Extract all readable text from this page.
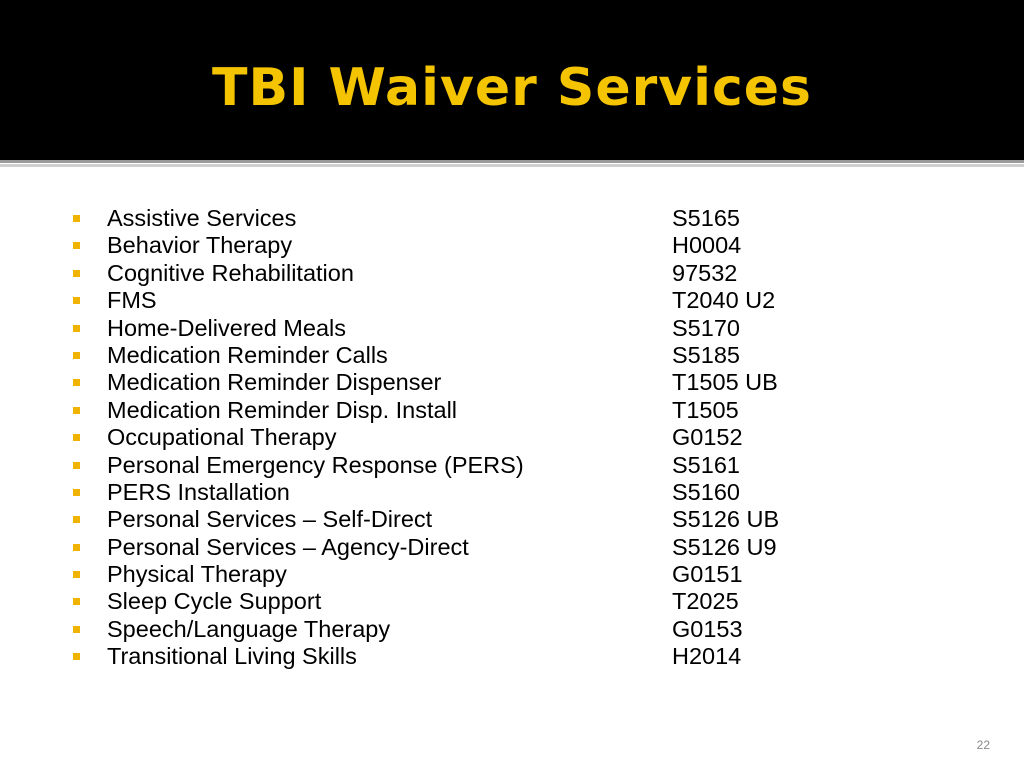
TBI Waiver Services
Assistive Services	S5165
Behavior Therapy	H0004
Cognitive Rehabilitation	97532
FMS	T2040 U2
Home-Delivered Meals	S5170
Medication Reminder Calls	S5185
Medication Reminder Dispenser	T1505 UB
Medication Reminder Disp. Install	T1505
Occupational Therapy	G0152
Personal Emergency Response (PERS)	S5161
PERS Installation	S5160
Personal Services – Self-Direct	S5126 UB
Personal Services – Agency-Direct	S5126 U9
Physical Therapy	G0151
Sleep Cycle Support	T2025
Speech/Language Therapy	G0153
Transitional Living Skills	H2014
22
